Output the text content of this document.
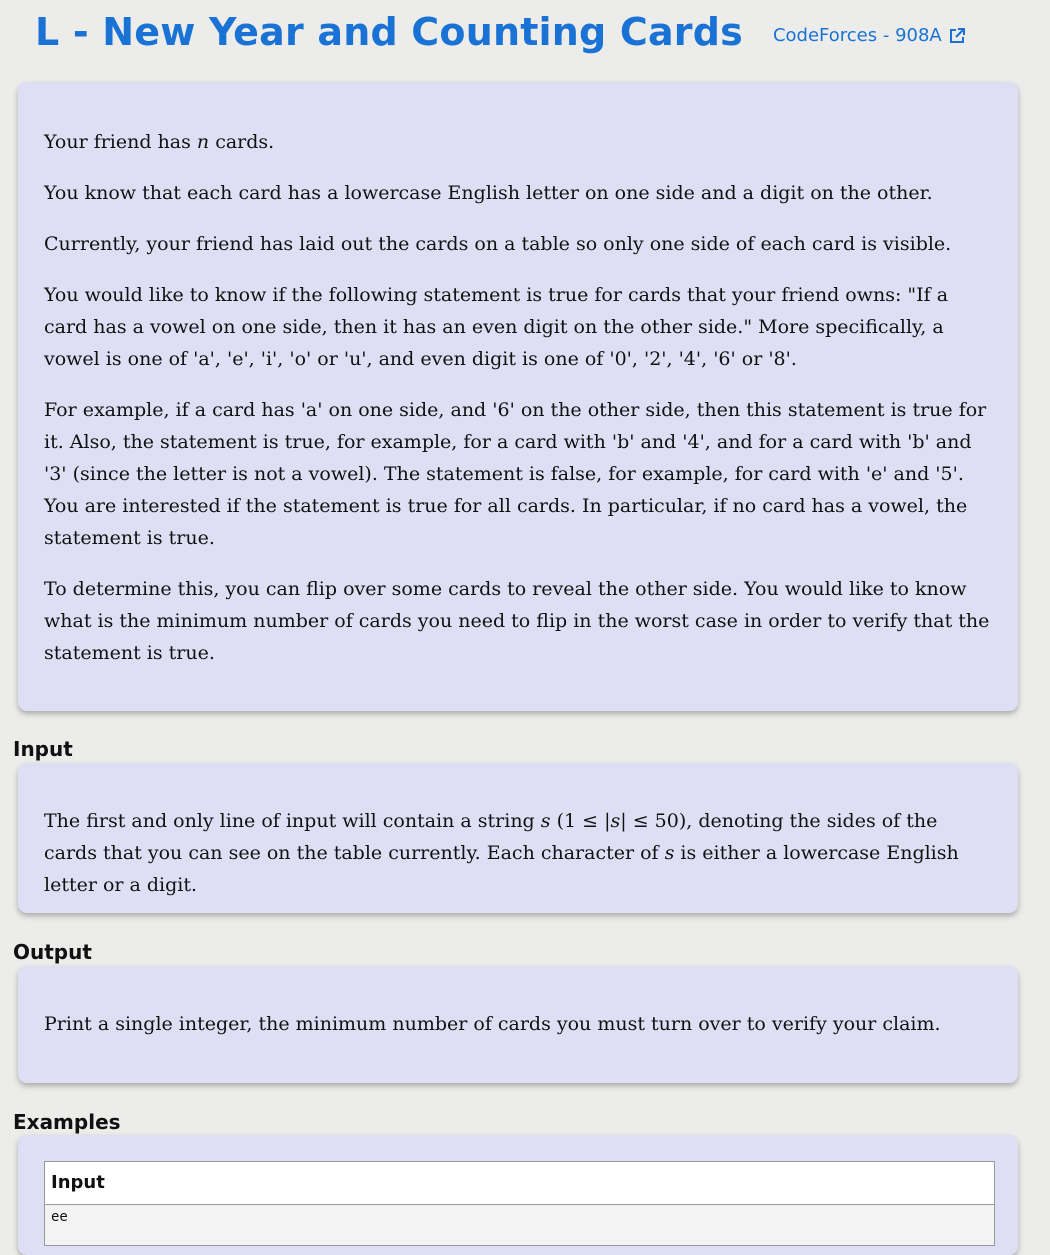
L - New Year and Counting Cards CodeForces - 908A

Your friend has n cards.

You know that each card has a lowercase English letter on one side and a digit on the other.

Currently, your friend has laid out the cards on a table so only one side of each card is visible.

You would like to know if the following statement is true for cards that your friend owns: "If a card has a vowel on one side, then it has an even digit on the other side." More specifically, a vowel is one of 'a', 'e', 'i', 'o' or 'u', and even digit is one of '0', '2', '4', '6' or '8'.

For example, if a card has 'a' on one side, and '6' on the other side, then this statement is true for it. Also, the statement is true, for example, for a card with 'b' and '4', and for a card with 'b' and '3' (since the letter is not a vowel). The statement is false, for example, for card with 'e' and '5'. You are interested if the statement is true for all cards. In particular, if no card has a vowel, the statement is true.

To determine this, you can flip over some cards to reveal the other side. You would like to know what is the minimum number of cards you need to flip in the worst case in order to verify that the statement is true.

Input

The first and only line of input will contain a string s (1 ≤ |s| ≤ 50), denoting the sides of the cards that you can see on the table currently. Each character of s is either a lowercase English letter or a digit.

Output

Print a single integer, the minimum number of cards you must turn over to verify your claim.

Examples
Input
ee
